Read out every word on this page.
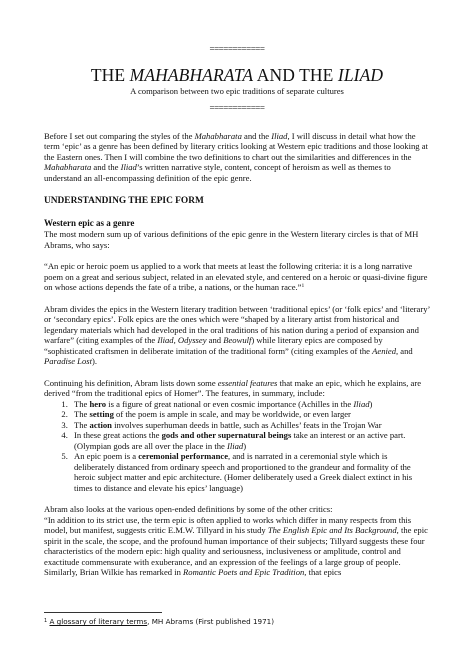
============
THE MAHABHARATA AND THE ILIAD
A comparison between two epic traditions of separate cultures
============

Before I set out comparing the styles of the Mahabharata and the Iliad, I will discuss in detail what how the term ‘epic’ as a genre has been defined by literary critics looking at Western epic traditions and those looking at the Eastern ones. Then I will combine the two definitions to chart out the similarities and differences in the Mahabharata and the Iliad’s written narrative style, content, concept of heroism as well as themes to understand an all-encompassing definition of the epic genre.

UNDERSTANDING THE EPIC FORM
Western epic as a genre

The most modern sum up of various definitions of the epic genre in the Western literary circles is that of MH Abrams, who says:

“An epic or heroic poem us applied to a work that meets at least the following criteria: it is a long narrative poem on a great and serious subject, related in an elevated style, and centered on a heroic or quasi-divine figure on whose actions depends the fate of a tribe, a nations, or the human race.”$^1$

Abram divides the epics in the Western literary tradition between ‘traditional epics’ (or ‘folk epics’ and ‘literary’ or ‘secondary epics’. Folk epics are the ones which were “shaped by a literary artist from historical and legendary materials which had developed in the oral traditions of his nation during a period of expansion and warfare” (citing examples of the Iliad, Odyssey and Beowulf) while literary epics are composed by “sophisticated craftsmen in deliberate imitation of the traditional form” (citing examples of the Aenied, and Paradise Lost).

Continuing his definition, Abram lists down some essential features that make an epic, which he explains, are derived “from the traditional epics of Homer”. The features, in summary, include:

1. The hero is a figure of great national or even cosmic importance (Achilles in the Iliad)
2. The setting of the poem is ample in scale, and may be worldwide, or even larger
3. The action involves superhuman deeds in battle, such as Achilles’ feats in the Trojan War
4. In these great actions the gods and other supernatural beings take an interest or an active part. (Olympian gods are all over the place in the Iliad)
5. An epic poem is a ceremonial performance, and is narrated in a ceremonial style which is deliberately distanced from ordinary speech and proportioned to the grandeur and formality of the heroic subject matter and epic architecture. (Homer deliberately used a Greek dialect extinct in his times to distance and elevate his epics’ language)

Abram also looks at the various open-ended definitions by some of the other critics:

“In addition to its strict use, the term epic is often applied to works which differ in many respects from this model, but manifest, suggests critic E.M.W. Tillyard in his study The English Epic and Its Background, the epic spirit in the scale, the scope, and the profound human importance of their subjects; Tillyard suggests these four characteristics of the modern epic: high quality and seriousness, inclusiveness or amplitude, control and exactitude commensurate with exuberance, and an expression of the feelings of a large group of people. Similarly, Brian Wilkie has remarked in Romantic Poets and Epic Tradition, that epics

$^1$ A glossary of literary terms, MH Abrams (First published 1971)
